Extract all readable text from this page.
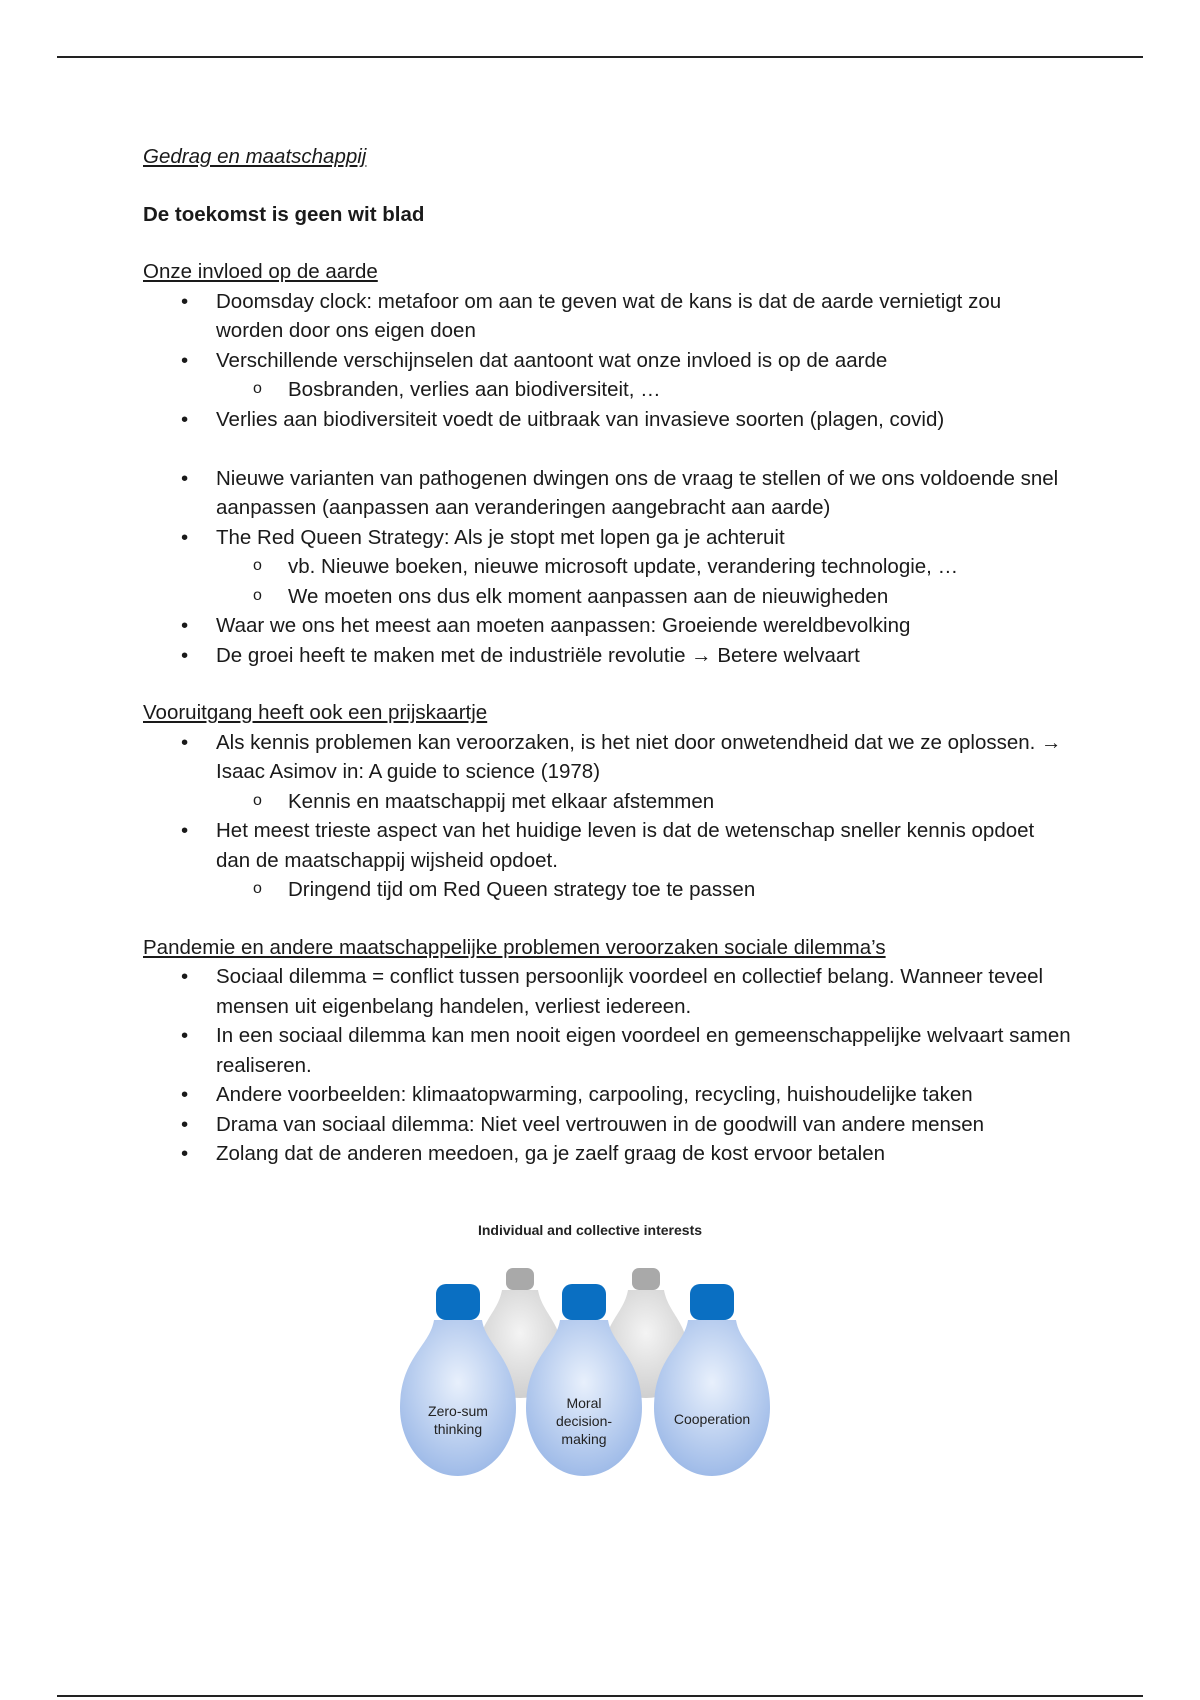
Gedrag en maatschappij

De toekomst is geen wit blad

Onze invloed op de aarde

• Doomsday clock: metafoor om aan te geven wat de kans is dat de aarde vernietigt zou worden door ons eigen doen
• Verschillende verschijnselen dat aantoont wat onze invloed is op de aarde
o Bosbranden, verlies aan biodiversiteit, …
• Verlies aan biodiversiteit voedt de uitbraak van invasieve soorten (plagen, covid)
• Nieuwe varianten van pathogenen dwingen ons de vraag te stellen of we ons voldoende snel aanpassen (aanpassen aan veranderingen aangebracht aan aarde)
• The Red Queen Strategy: Als je stopt met lopen ga je achteruit
o vb. Nieuwe boeken, nieuwe microsoft update, verandering technologie, …
o We moeten ons dus elk moment aanpassen aan de nieuwigheden
• Waar we ons het meest aan moeten aanpassen: Groeiende wereldbevolking
• De groei heeft te maken met de industriële revolutie → Betere welvaart

Vooruitgang heeft ook een prijskaartje

• Als kennis problemen kan veroorzaken, is het niet door onwetendheid dat we ze oplossen. → Isaac Asimov in: A guide to science (1978)
o Kennis en maatschappij met elkaar afstemmen
• Het meest trieste aspect van het huidige leven is dat de wetenschap sneller kennis opdoet dan de maatschappij wijsheid opdoet.
o Dringend tijd om Red Queen strategy toe te passen

Pandemie en andere maatschappelijke problemen veroorzaken sociale dilemma’s

• Sociaal dilemma = conflict tussen persoonlijk voordeel en collectief belang. Wanneer teveel mensen uit eigenbelang handelen, verliest iedereen.
• In een sociaal dilemma kan men nooit eigen voordeel en gemeenschappelijke welvaart samen realiseren.
• Andere voorbeelden: klimaatopwarming, carpooling, recycling, huishoudelijke taken
• Drama van sociaal dilemma: Niet veel vertrouwen in de goodwill van andere mensen
• Zolang dat de anderen meedoen, ga je zaelf graag de kost ervoor betalen
Individual and collective interests
Zero-sum
thinking
Moral
decision-
making
Cooperation
